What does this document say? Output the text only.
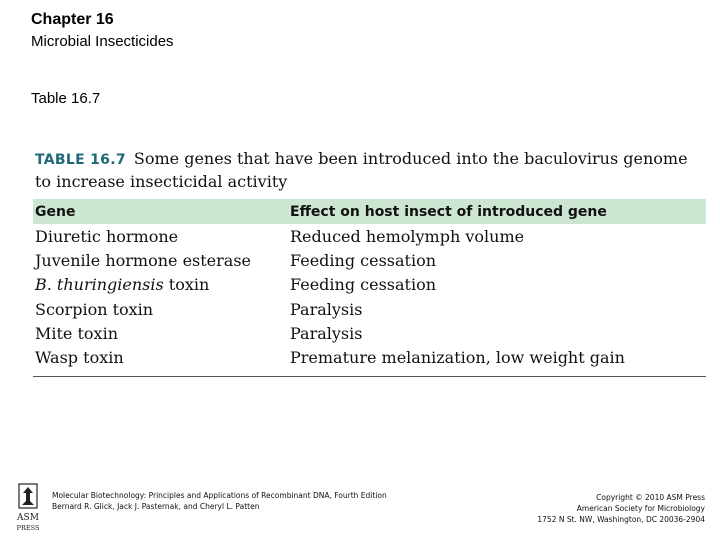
Chapter 16
Microbial Insecticides
Table 16.7
TABLE 16.7 Some genes that have been introduced into the baculovirus genome to increase insecticidal activity
Gene	Effect on host insect of introduced gene
Diuretic hormone	Reduced hemolymph volume
Juvenile hormone esterase	Feeding cessation
B. thuringiensis toxin	Feeding cessation
Scorpion toxin	Paralysis
Mite toxin	Paralysis
Wasp toxin	Premature melanization, low weight gain
ASM
PRESS
Molecular Biotechnology: Principles and Applications of Recombinant DNA, Fourth Edition
Bernard R. Glick, Jack J. Pasternak, and Cheryl L. Patten
Copyright © 2010 ASM Press
American Society for Microbiology
1752 N St. NW, Washington, DC 20036-2904
